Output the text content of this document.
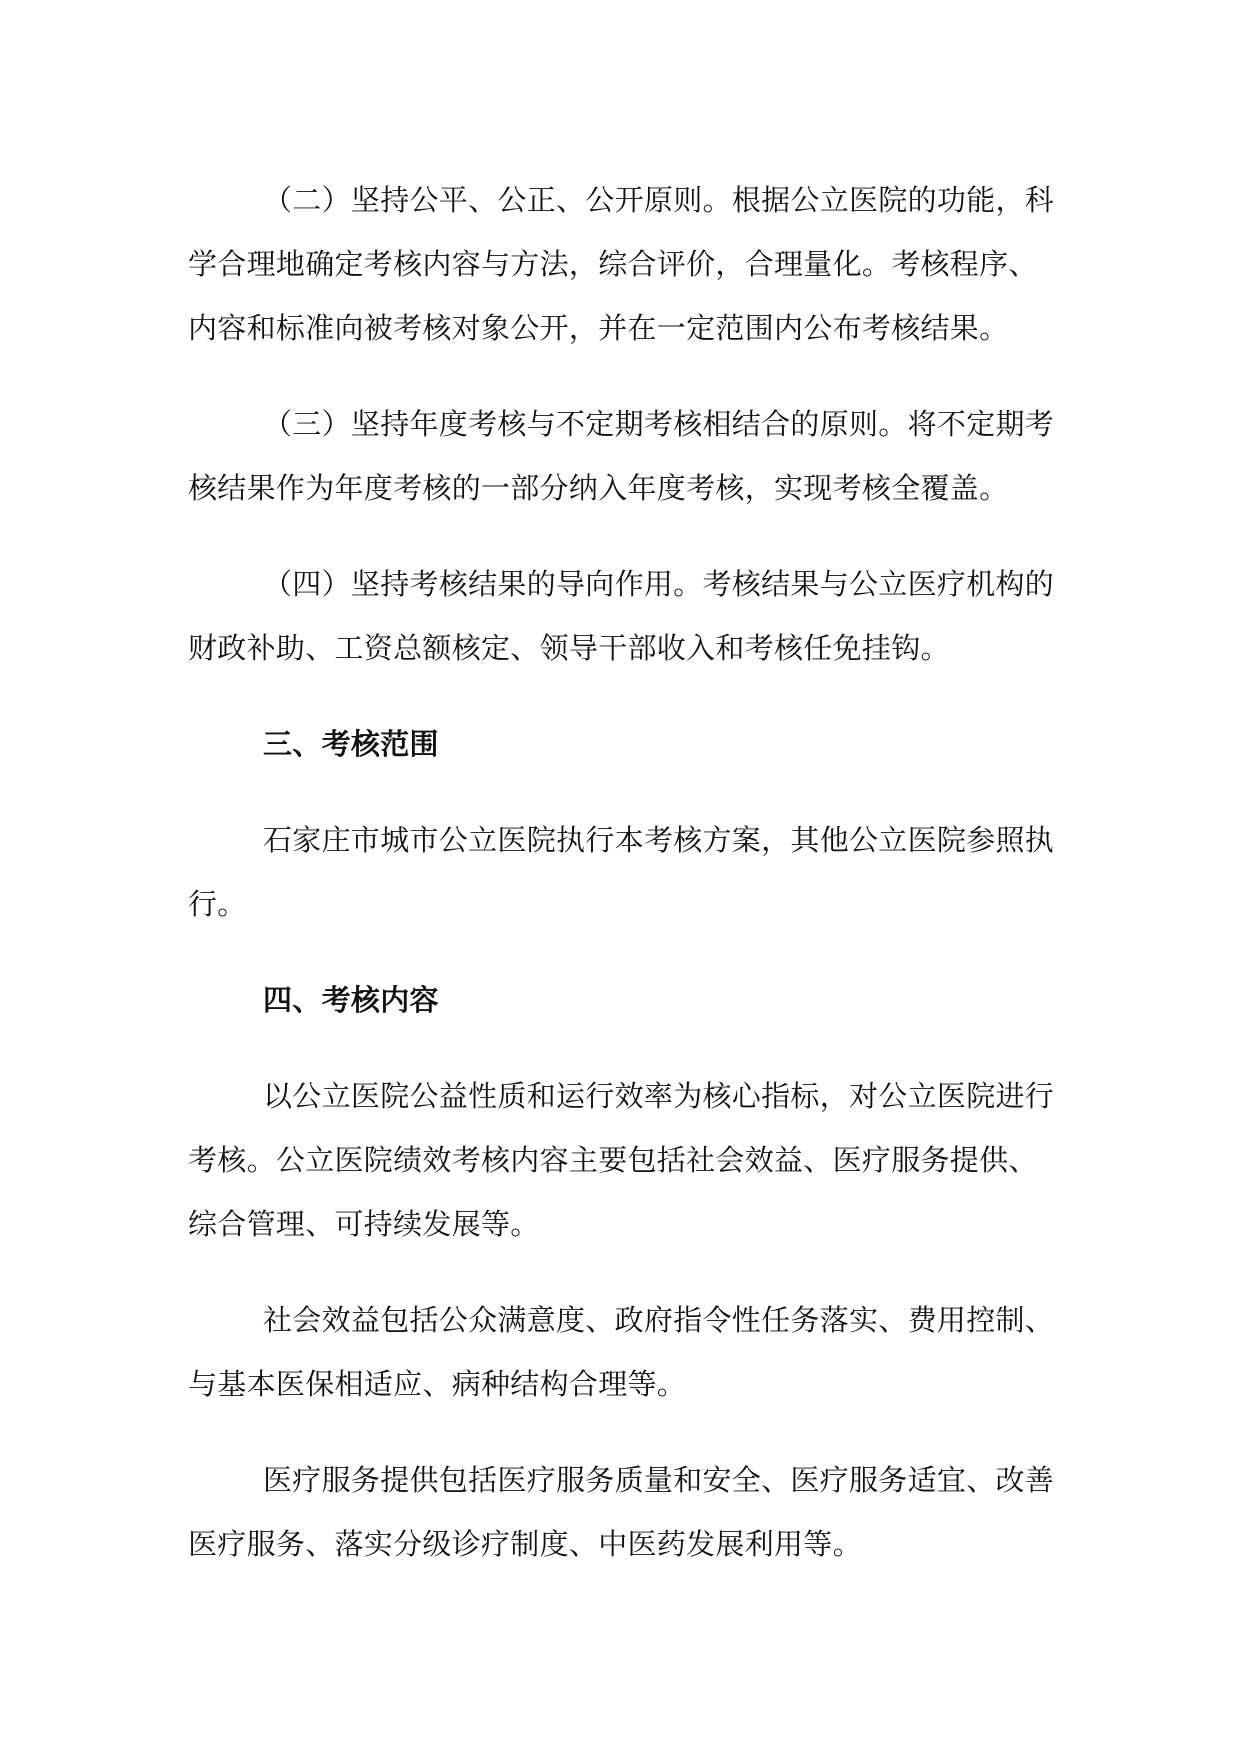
（二）坚持公平、公正、公开原则。根据公立医院的功能，科
学合理地确定考核内容与方法，综合评价，合理量化。考核程序、
内容和标准向被考核对象公开，并在一定范围内公布考核结果。

（三）坚持年度考核与不定期考核相结合的原则。将不定期考
核结果作为年度考核的一部分纳入年度考核，实现考核全覆盖。

（四）坚持考核结果的导向作用。考核结果与公立医疗机构的
财政补助、工资总额核定、领导干部收入和考核任免挂钩。

三、考核范围

石家庄市城市公立医院执行本考核方案，其他公立医院参照执
行。

四、考核内容

以公立医院公益性质和运行效率为核心指标，对公立医院进行
考核。公立医院绩效考核内容主要包括社会效益、医疗服务提供、
综合管理、可持续发展等。

社会效益包括公众满意度、政府指令性任务落实、费用控制、
与基本医保相适应、病种结构合理等。

医疗服务提供包括医疗服务质量和安全、医疗服务适宜、改善
医疗服务、落实分级诊疗制度、中医药发展利用等。
